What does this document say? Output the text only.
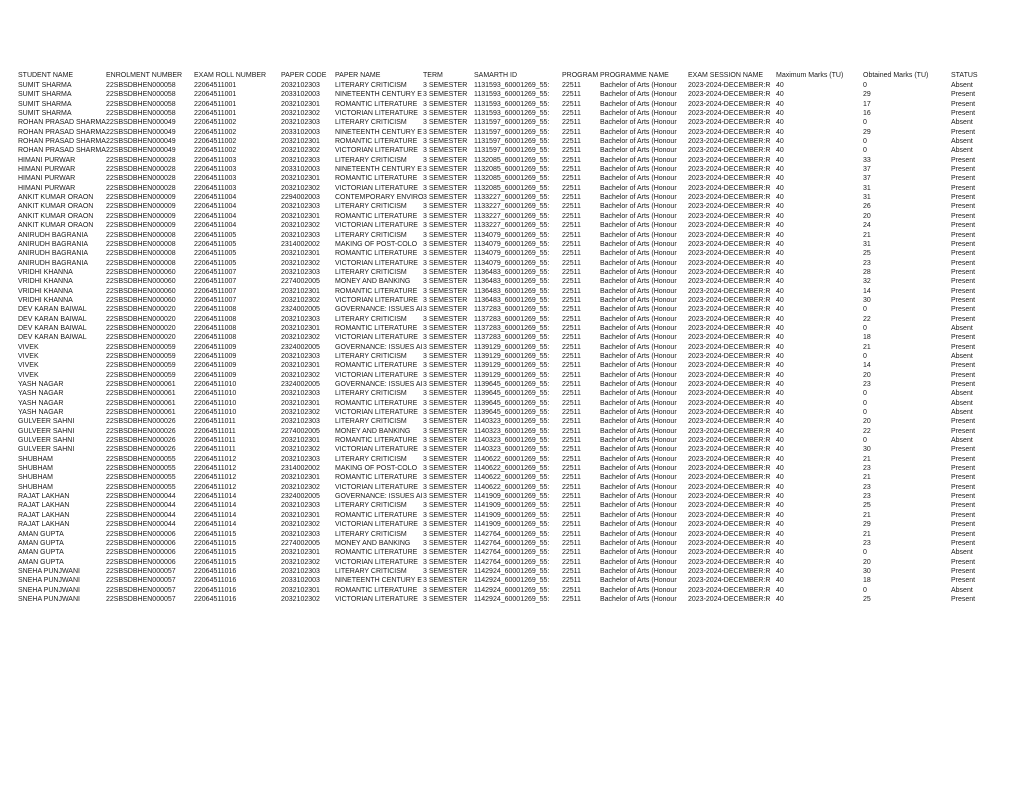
STUDENT NAME	ENROLMENT NUMBER	EXAM ROLL NUMBER	PAPER CODE	PAPER NAME	TERM	SAMARTH ID	PROGRAM	PROGRAMME NAME	EXAM SESSION NAME	Maximum Marks (TU)	Obtained Marks (TU)	STATUS
SUMIT SHARMA	22SBSDBHEN000058	22064511001	2032102303	LITERARY CRITICISM	3 SEMESTER	1131593_60001269_55:	22511	Bachelor of Arts (Honour	2023-2024-DECEMBER:R	40	0	Absent
SUMIT SHARMA	22SBSDBHEN000058	22064511001	2033102003	NINETEENTH CENTURY E	3 SEMESTER	1131593_60001269_55:	22511	Bachelor of Arts (Honour	2023-2024-DECEMBER:R	40	29	Present
SUMIT SHARMA	22SBSDBHEN000058	22064511001	2032102301	ROMANTIC LITERATURE	3 SEMESTER	1131593_60001269_55:	22511	Bachelor of Arts (Honour	2023-2024-DECEMBER:R	40	17	Present
SUMIT SHARMA	22SBSDBHEN000058	22064511001	2032102302	VICTORIAN LITERATURE	3 SEMESTER	1131593_60001269_55:	22511	Bachelor of Arts (Honour	2023-2024-DECEMBER:R	40	16	Present
ROHAN PRASAD SHARMA	22SBSDBHEN000049	22064511002	2032102303	LITERARY CRITICISM	3 SEMESTER	1131597_60001269_55:	22511	Bachelor of Arts (Honour	2023-2024-DECEMBER:R	40	0	Absent
ROHAN PRASAD SHARMA	22SBSDBHEN000049	22064511002	2033102003	NINETEENTH CENTURY E	3 SEMESTER	1131597_60001269_55:	22511	Bachelor of Arts (Honour	2023-2024-DECEMBER:R	40	29	Present
ROHAN PRASAD SHARMA	22SBSDBHEN000049	22064511002	2032102301	ROMANTIC LITERATURE	3 SEMESTER	1131597_60001269_55:	22511	Bachelor of Arts (Honour	2023-2024-DECEMBER:R	40	0	Absent
ROHAN PRASAD SHARMA	22SBSDBHEN000049	22064511002	2032102302	VICTORIAN LITERATURE	3 SEMESTER	1131597_60001269_55:	22511	Bachelor of Arts (Honour	2023-2024-DECEMBER:R	40	0	Absent
HIMANI PURWAR	22SBSDBHEN000028	22064511003	2032102303	LITERARY CRITICISM	3 SEMESTER	1132085_60001269_55:	22511	Bachelor of Arts (Honour	2023-2024-DECEMBER:R	40	33	Present
HIMANI PURWAR	22SBSDBHEN000028	22064511003	2033102003	NINETEENTH CENTURY E	3 SEMESTER	1132085_60001269_55:	22511	Bachelor of Arts (Honour	2023-2024-DECEMBER:R	40	37	Present
HIMANI PURWAR	22SBSDBHEN000028	22064511003	2032102301	ROMANTIC LITERATURE	3 SEMESTER	1132085_60001269_55:	22511	Bachelor of Arts (Honour	2023-2024-DECEMBER:R	40	37	Present
HIMANI PURWAR	22SBSDBHEN000028	22064511003	2032102302	VICTORIAN LITERATURE	3 SEMESTER	1132085_60001269_55:	22511	Bachelor of Arts (Honour	2023-2024-DECEMBER:R	40	31	Present
ANKIT KUMAR ORAON	22SBSDBHEN000009	22064511004	2294002003	CONTEMPORARY ENVIRO	3 SEMESTER	1133227_60001269_55:	22511	Bachelor of Arts (Honour	2023-2024-DECEMBER:R	40	31	Present
ANKIT KUMAR ORAON	22SBSDBHEN000009	22064511004	2032102303	LITERARY CRITICISM	3 SEMESTER	1133227_60001269_55:	22511	Bachelor of Arts (Honour	2023-2024-DECEMBER:R	40	26	Present
ANKIT KUMAR ORAON	22SBSDBHEN000009	22064511004	2032102301	ROMANTIC LITERATURE	3 SEMESTER	1133227_60001269_55:	22511	Bachelor of Arts (Honour	2023-2024-DECEMBER:R	40	20	Present
ANKIT KUMAR ORAON	22SBSDBHEN000009	22064511004	2032102302	VICTORIAN LITERATURE	3 SEMESTER	1133227_60001269_55:	22511	Bachelor of Arts (Honour	2023-2024-DECEMBER:R	40	24	Present
ANIRUDH BAGRANIA	22SBSDBHEN000008	22064511005	2032102303	LITERARY CRITICISM	3 SEMESTER	1134079_60001269_55:	22511	Bachelor of Arts (Honour	2023-2024-DECEMBER:R	40	21	Present
ANIRUDH BAGRANIA	22SBSDBHEN000008	22064511005	2314002002	MAKING OF POST-COLO	3 SEMESTER	1134079_60001269_55:	22511	Bachelor of Arts (Honour	2023-2024-DECEMBER:R	40	31	Present
ANIRUDH BAGRANIA	22SBSDBHEN000008	22064511005	2032102301	ROMANTIC LITERATURE	3 SEMESTER	1134079_60001269_55:	22511	Bachelor of Arts (Honour	2023-2024-DECEMBER:R	40	25	Present
ANIRUDH BAGRANIA	22SBSDBHEN000008	22064511005	2032102302	VICTORIAN LITERATURE	3 SEMESTER	1134079_60001269_55:	22511	Bachelor of Arts (Honour	2023-2024-DECEMBER:R	40	23	Present
VRIDHI KHANNA	22SBSDBHEN000060	22064511007	2032102303	LITERARY CRITICISM	3 SEMESTER	1136483_60001269_55:	22511	Bachelor of Arts (Honour	2023-2024-DECEMBER:R	40	28	Present
VRIDHI KHANNA	22SBSDBHEN000060	22064511007	2274002005	MONEY AND BANKING	3 SEMESTER	1136483_60001269_55:	22511	Bachelor of Arts (Honour	2023-2024-DECEMBER:R	40	32	Present
VRIDHI KHANNA	22SBSDBHEN000060	22064511007	2032102301	ROMANTIC LITERATURE	3 SEMESTER	1136483_60001269_55:	22511	Bachelor of Arts (Honour	2023-2024-DECEMBER:R	40	14	Present
VRIDHI KHANNA	22SBSDBHEN000060	22064511007	2032102302	VICTORIAN LITERATURE	3 SEMESTER	1136483_60001269_55:	22511	Bachelor of Arts (Honour	2023-2024-DECEMBER:R	40	30	Present
DEV KARAN BAIWAL	22SBSDBHEN000020	22064511008	2324002005	GOVERNANCE: ISSUES AI	3 SEMESTER	1137283_60001269_55:	22511	Bachelor of Arts (Honour	2023-2024-DECEMBER:R	40	0	Present
DEV KARAN BAIWAL	22SBSDBHEN000020	22064511008	2032102303	LITERARY CRITICISM	3 SEMESTER	1137283_60001269_55:	22511	Bachelor of Arts (Honour	2023-2024-DECEMBER:R	40	22	Present
DEV KARAN BAIWAL	22SBSDBHEN000020	22064511008	2032102301	ROMANTIC LITERATURE	3 SEMESTER	1137283_60001269_55:	22511	Bachelor of Arts (Honour	2023-2024-DECEMBER:R	40	0	Absent
DEV KARAN BAIWAL	22SBSDBHEN000020	22064511008	2032102302	VICTORIAN LITERATURE	3 SEMESTER	1137283_60001269_55:	22511	Bachelor of Arts (Honour	2023-2024-DECEMBER:R	40	18	Present
VIVEK	22SBSDBHEN000059	22064511009	2324002005	GOVERNANCE: ISSUES AI	3 SEMESTER	1139129_60001269_55:	22511	Bachelor of Arts (Honour	2023-2024-DECEMBER:R	40	21	Present
VIVEK	22SBSDBHEN000059	22064511009	2032102303	LITERARY CRITICISM	3 SEMESTER	1139129_60001269_55:	22511	Bachelor of Arts (Honour	2023-2024-DECEMBER:R	40	0	Absent
VIVEK	22SBSDBHEN000059	22064511009	2032102301	ROMANTIC LITERATURE	3 SEMESTER	1139129_60001269_55:	22511	Bachelor of Arts (Honour	2023-2024-DECEMBER:R	40	14	Present
VIVEK	22SBSDBHEN000059	22064511009	2032102302	VICTORIAN LITERATURE	3 SEMESTER	1139129_60001269_55:	22511	Bachelor of Arts (Honour	2023-2024-DECEMBER:R	40	20	Present
YASH NAGAR	22SBSDBHEN000061	22064511010	2324002005	GOVERNANCE: ISSUES AI	3 SEMESTER	1139645_60001269_55:	22511	Bachelor of Arts (Honour	2023-2024-DECEMBER:R	40	23	Present
YASH NAGAR	22SBSDBHEN000061	22064511010	2032102303	LITERARY CRITICISM	3 SEMESTER	1139645_60001269_55:	22511	Bachelor of Arts (Honour	2023-2024-DECEMBER:R	40	0	Absent
YASH NAGAR	22SBSDBHEN000061	22064511010	2032102301	ROMANTIC LITERATURE	3 SEMESTER	1139645_60001269_55:	22511	Bachelor of Arts (Honour	2023-2024-DECEMBER:R	40	0	Absent
YASH NAGAR	22SBSDBHEN000061	22064511010	2032102302	VICTORIAN LITERATURE	3 SEMESTER	1139645_60001269_55:	22511	Bachelor of Arts (Honour	2023-2024-DECEMBER:R	40	0	Absent
GULVEER SAHNI	22SBSDBHEN000026	22064511011	2032102303	LITERARY CRITICISM	3 SEMESTER	1140323_60001269_55:	22511	Bachelor of Arts (Honour	2023-2024-DECEMBER:R	40	20	Present
GULVEER SAHNI	22SBSDBHEN000026	22064511011	2274002005	MONEY AND BANKING	3 SEMESTER	1140323_60001269_55:	22511	Bachelor of Arts (Honour	2023-2024-DECEMBER:R	40	22	Present
GULVEER SAHNI	22SBSDBHEN000026	22064511011	2032102301	ROMANTIC LITERATURE	3 SEMESTER	1140323_60001269_55:	22511	Bachelor of Arts (Honour	2023-2024-DECEMBER:R	40	0	Absent
GULVEER SAHNI	22SBSDBHEN000026	22064511011	2032102302	VICTORIAN LITERATURE	3 SEMESTER	1140323_60001269_55:	22511	Bachelor of Arts (Honour	2023-2024-DECEMBER:R	40	30	Present
SHUBHAM	22SBSDBHEN000055	22064511012	2032102303	LITERARY CRITICISM	3 SEMESTER	1140622_60001269_55:	22511	Bachelor of Arts (Honour	2023-2024-DECEMBER:R	40	21	Present
SHUBHAM	22SBSDBHEN000055	22064511012	2314002002	MAKING OF POST-COLO	3 SEMESTER	1140622_60001269_55:	22511	Bachelor of Arts (Honour	2023-2024-DECEMBER:R	40	23	Present
SHUBHAM	22SBSDBHEN000055	22064511012	2032102301	ROMANTIC LITERATURE	3 SEMESTER	1140622_60001269_55:	22511	Bachelor of Arts (Honour	2023-2024-DECEMBER:R	40	21	Present
SHUBHAM	22SBSDBHEN000055	22064511012	2032102302	VICTORIAN LITERATURE	3 SEMESTER	1140622_60001269_55:	22511	Bachelor of Arts (Honour	2023-2024-DECEMBER:R	40	23	Present
RAJAT LAKHAN	22SBSDBHEN000044	22064511014	2324002005	GOVERNANCE: ISSUES AI	3 SEMESTER	1141909_60001269_55:	22511	Bachelor of Arts (Honour	2023-2024-DECEMBER:R	40	23	Present
RAJAT LAKHAN	22SBSDBHEN000044	22064511014	2032102303	LITERARY CRITICISM	3 SEMESTER	1141909_60001269_55:	22511	Bachelor of Arts (Honour	2023-2024-DECEMBER:R	40	25	Present
RAJAT LAKHAN	22SBSDBHEN000044	22064511014	2032102301	ROMANTIC LITERATURE	3 SEMESTER	1141909_60001269_55:	22511	Bachelor of Arts (Honour	2023-2024-DECEMBER:R	40	21	Present
RAJAT LAKHAN	22SBSDBHEN000044	22064511014	2032102302	VICTORIAN LITERATURE	3 SEMESTER	1141909_60001269_55:	22511	Bachelor of Arts (Honour	2023-2024-DECEMBER:R	40	29	Present
AMAN GUPTA	22SBSDBHEN000006	22064511015	2032102303	LITERARY CRITICISM	3 SEMESTER	1142764_60001269_55:	22511	Bachelor of Arts (Honour	2023-2024-DECEMBER:R	40	21	Present
AMAN GUPTA	22SBSDBHEN000006	22064511015	2274002005	MONEY AND BANKING	3 SEMESTER	1142764_60001269_55:	22511	Bachelor of Arts (Honour	2023-2024-DECEMBER:R	40	23	Present
AMAN GUPTA	22SBSDBHEN000006	22064511015	2032102301	ROMANTIC LITERATURE	3 SEMESTER	1142764_60001269_55:	22511	Bachelor of Arts (Honour	2023-2024-DECEMBER:R	40	0	Absent
AMAN GUPTA	22SBSDBHEN000006	22064511015	2032102302	VICTORIAN LITERATURE	3 SEMESTER	1142764_60001269_55:	22511	Bachelor of Arts (Honour	2023-2024-DECEMBER:R	40	20	Present
SNEHA PUNJWANI	22SBSDBHEN000057	22064511016	2032102303	LITERARY CRITICISM	3 SEMESTER	1142924_60001269_55:	22511	Bachelor of Arts (Honour	2023-2024-DECEMBER:R	40	30	Present
SNEHA PUNJWANI	22SBSDBHEN000057	22064511016	2033102003	NINETEENTH CENTURY E	3 SEMESTER	1142924_60001269_55:	22511	Bachelor of Arts (Honour	2023-2024-DECEMBER:R	40	18	Present
SNEHA PUNJWANI	22SBSDBHEN000057	22064511016	2032102301	ROMANTIC LITERATURE	3 SEMESTER	1142924_60001269_55:	22511	Bachelor of Arts (Honour	2023-2024-DECEMBER:R	40	0	Absent
SNEHA PUNJWANI	22SBSDBHEN000057	22064511016	2032102302	VICTORIAN LITERATURE	3 SEMESTER	1142924_60001269_55:	22511	Bachelor of Arts (Honour	2023-2024-DECEMBER:R	40	25	Present
